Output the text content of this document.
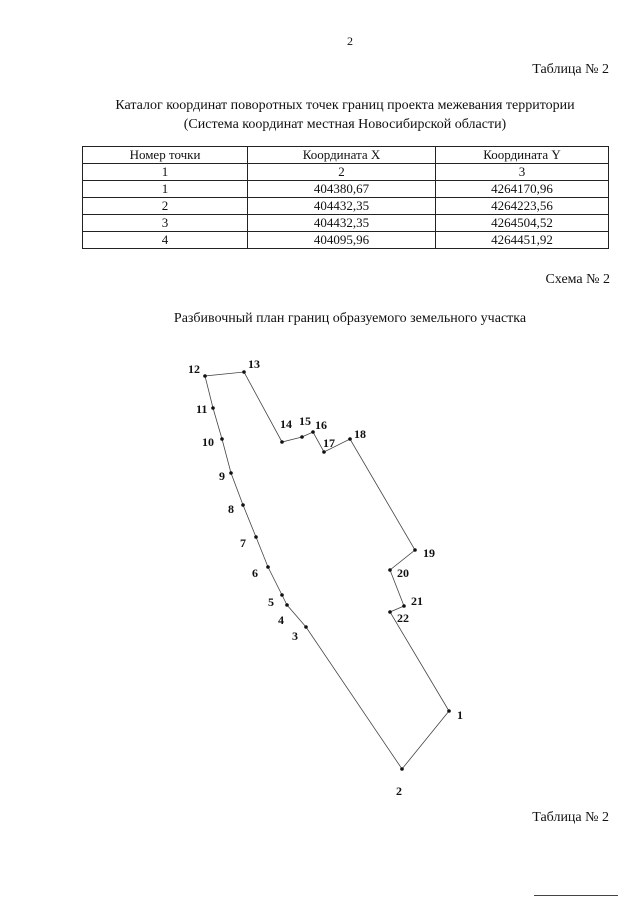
2
Таблица № 2
Каталог координат поворотных точек границ проекта межевания территории
(Система координат местная Новосибирской области)
Номер точки	Координата X	Координата Y
1	2	3
1	404380,67	4264170,96
2	404432,35	4264223,56
3	404432,35	4264504,52
4	404095,96	4264451,92
Схема № 2
Разбивочный план границ образуемого земельного участка
1
2
3
4
5
6
7
8
9
10
11
12	13
14 15 16
17
18
19
20
21
22
Таблица № 2
